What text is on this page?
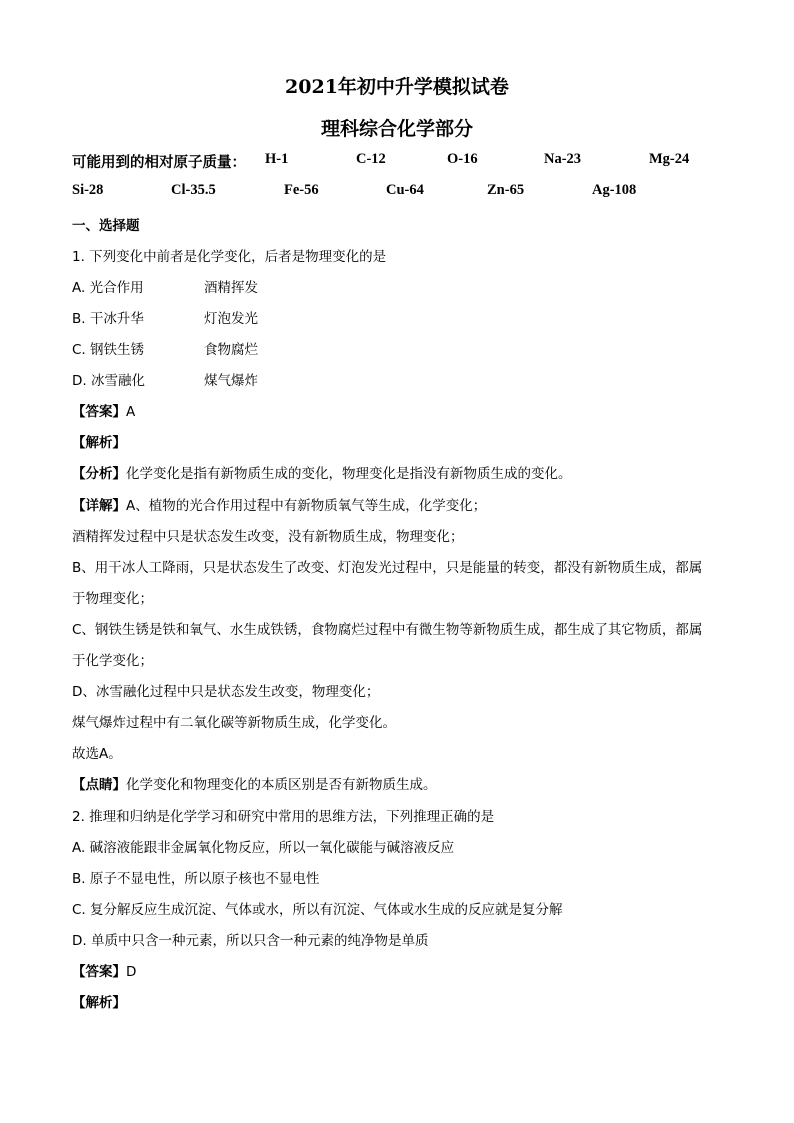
2021年初中升学模拟试卷
理科综合化学部分
可能用到的相对原子质量： H-1	C-12	O-16	Na-23	Mg-24
Si-28	Cl-35.5	Fe-56	Cu-64	Zn-65	Ag-108
一、选择题
1. 下列变化中前者是化学变化，后者是物理变化的是
A. 光合作用	酒精挥发
B. 干冰升华	灯泡发光
C. 钢铁生锈	食物腐烂
D. 冰雪融化	煤气爆炸
【答案】A
【解析】
【分析】化学变化是指有新物质生成的变化，物理变化是指没有新物质生成的变化。
【详解】A、植物的光合作用过程中有新物质氧气等生成，化学变化；
酒精挥发过程中只是状态发生改变，没有新物质生成，物理变化；
B、用干冰人工降雨，只是状态发生了改变、灯泡发光过程中，只是能量的转变，都没有新物质生成，都属
于物理变化；
C、钢铁生锈是铁和氧气、水生成铁锈，食物腐烂过程中有微生物等新物质生成，都生成了其它物质，都属
于化学变化；
D、冰雪融化过程中只是状态发生改变，物理变化；
煤气爆炸过程中有二氧化碳等新物质生成，化学变化。
故选A。
【点睛】化学变化和物理变化的本质区别是否有新物质生成。
2. 推理和归纳是化学学习和研究中常用的思维方法，下列推理正确的是
A. 碱溶液能跟非金属氧化物反应，所以一氧化碳能与碱溶液反应
B. 原子不显电性，所以原子核也不显电性
C. 复分解反应生成沉淀、气体或水，所以有沉淀、气体或水生成的反应就是复分解
D. 单质中只含一种元素，所以只含一种元素的纯净物是单质
【答案】D
【解析】
